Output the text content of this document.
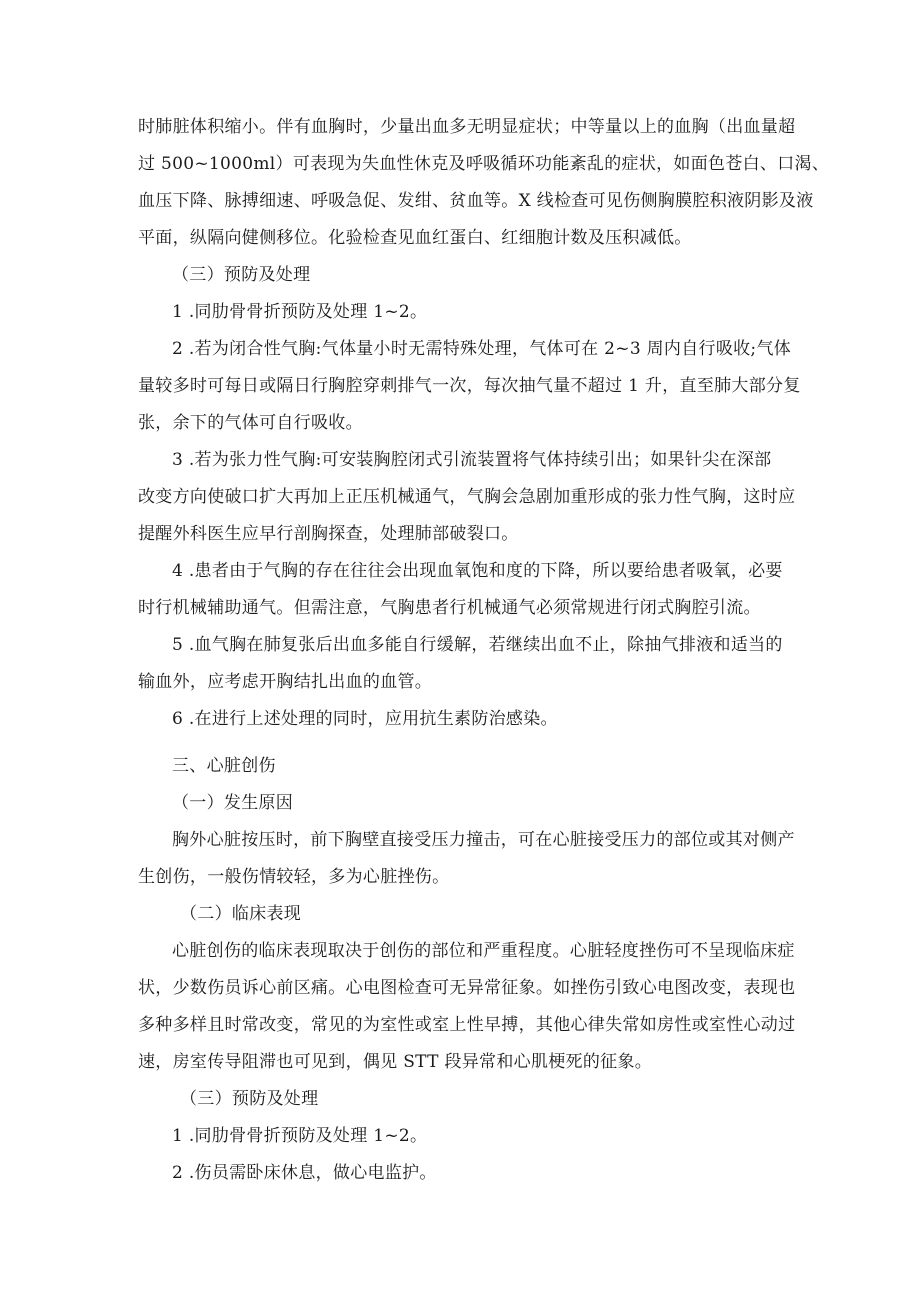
时肺脏体积缩小。伴有血胸时，少量出血多无明显症状；中等量以上的血胸（出血量超
过 500~1000ml）可表现为失血性休克及呼吸循环功能紊乱的症状，如面色苍白、口渴、
血压下降、脉搏细速、呼吸急促、发绀、贫血等。X 线检查可见伤侧胸膜腔积液阴影及液
平面，纵隔向健侧移位。化验检查见血红蛋白、红细胞计数及压积减低。
（三）预防及处理
1 .同肋骨骨折预防及处理 1~2。
2 .若为闭合性气胸:气体量小时无需特殊处理，气体可在 2~3 周内自行吸收;气体
量较多时可每日或隔日行胸腔穿刺排气一次，每次抽气量不超过 1 升，直至肺大部分复
张，余下的气体可自行吸收。
3 .若为张力性气胸:可安装胸腔闭式引流装置将气体持续引出；如果针尖在深部
改变方向使破口扩大再加上正压机械通气，气胸会急剧加重形成的张力性气胸，这时应
提醒外科医生应早行剖胸探查，处理肺部破裂口。
4 .患者由于气胸的存在往往会出现血氧饱和度的下降，所以要给患者吸氧，必要
时行机械辅助通气。但需注意，气胸患者行机械通气必须常规进行闭式胸腔引流。
5 .血气胸在肺复张后出血多能自行缓解，若继续出血不止，除抽气排液和适当的
输血外，应考虑开胸结扎出血的血管。
6 .在进行上述处理的同时，应用抗生素防治感染。
三、心脏创伤
（一）发生原因
胸外心脏按压时，前下胸壁直接受压力撞击，可在心脏接受压力的部位或其对侧产
生创伤，一般伤情较轻，多为心脏挫伤。
（二）临床表现
心脏创伤的临床表现取决于创伤的部位和严重程度。心脏轻度挫伤可不呈现临床症
状，少数伤员诉心前区痛。心电图检查可无异常征象。如挫伤引致心电图改变，表现也
多种多样且时常改变，常见的为室性或室上性早搏，其他心律失常如房性或室性心动过
速，房室传导阻滞也可见到，偶见 STT 段异常和心肌梗死的征象。
（三）预防及处理
1 .同肋骨骨折预防及处理 1~2。
2 .伤员需卧床休息，做心电监护。
